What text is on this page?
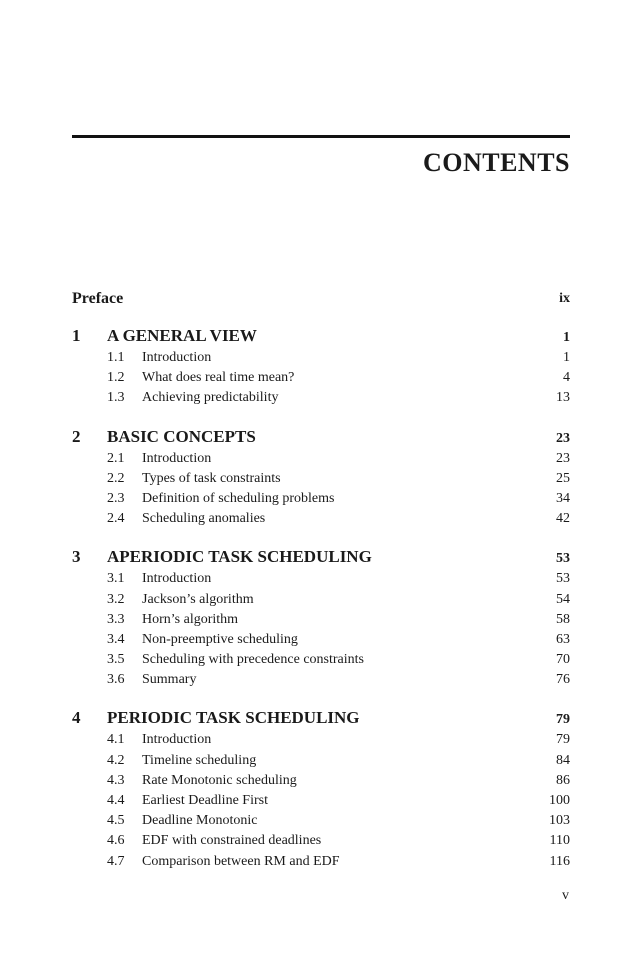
CONTENTS
Preface	ix
1	A GENERAL VIEW	1
1.1	Introduction	1
1.2	What does real time mean?	4
1.3	Achieving predictability	13
2	BASIC CONCEPTS	23
2.1	Introduction	23
2.2	Types of task constraints	25
2.3	Definition of scheduling problems	34
2.4	Scheduling anomalies	42
3	APERIODIC TASK SCHEDULING	53
3.1	Introduction	53
3.2	Jackson’s algorithm	54
3.3	Horn’s algorithm	58
3.4	Non-preemptive scheduling	63
3.5	Scheduling with precedence constraints	70
3.6	Summary	76
4	PERIODIC TASK SCHEDULING	79
4.1	Introduction	79
4.2	Timeline scheduling	84
4.3	Rate Monotonic scheduling	86
4.4	Earliest Deadline First	100
4.5	Deadline Monotonic	103
4.6	EDF with constrained deadlines	110
4.7	Comparison between RM and EDF	116
v
